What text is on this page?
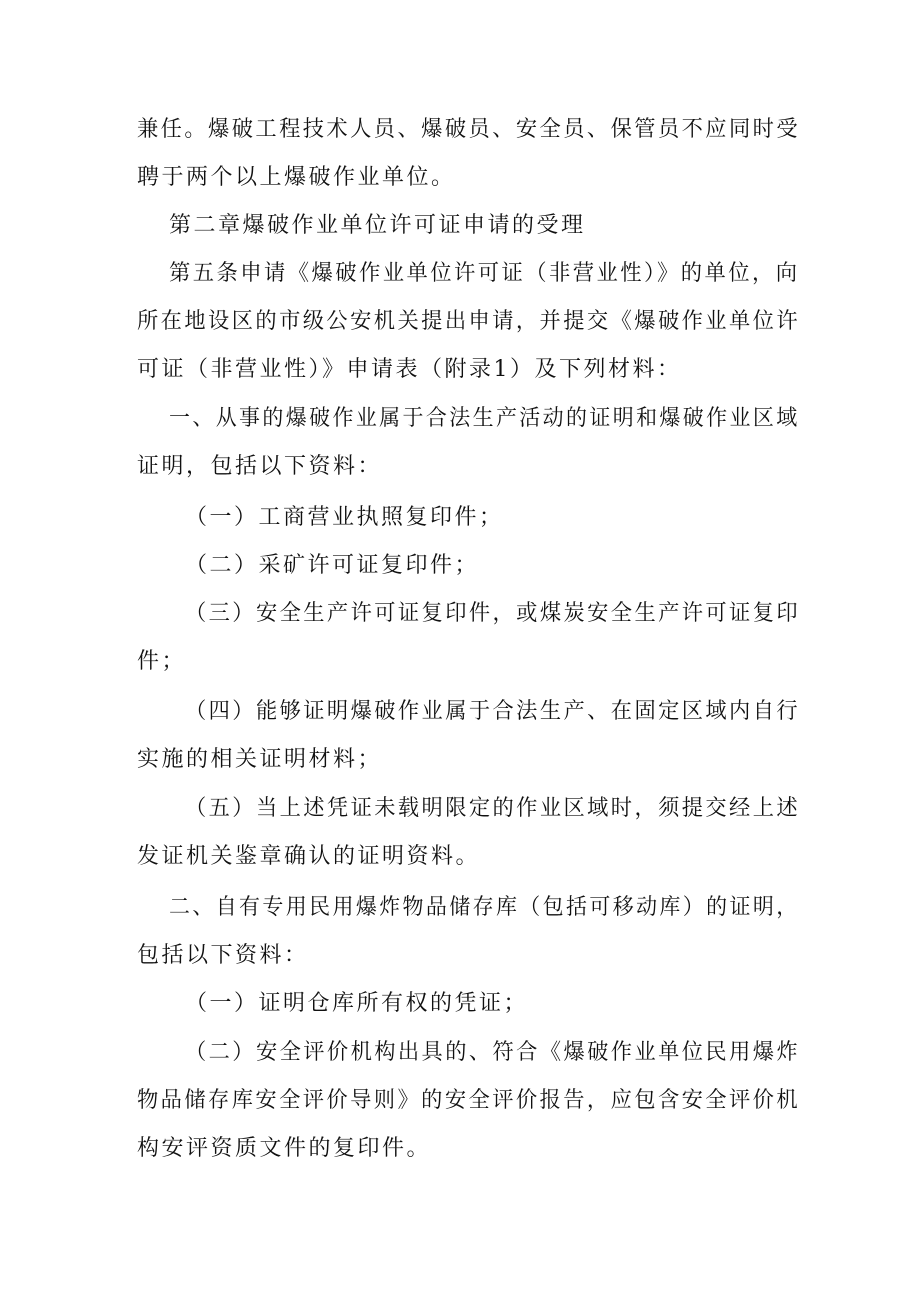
兼任。爆破工程技术人员、爆破员、安全员、保管员不应同时受
聘于两个以上爆破作业单位。
第二章爆破作业单位许可证申请的受理
第五条申请《爆破作业单位许可证（非营业性）》的单位，向
所在地设区的市级公安机关提出申请，并提交《爆破作业单位许
可证（非营业性）》申请表（附录1）及下列材料：
一、从事的爆破作业属于合法生产活动的证明和爆破作业区域
证明，包括以下资料：
（一）工商营业执照复印件；
（二）采矿许可证复印件；
（三）安全生产许可证复印件，或煤炭安全生产许可证复印
件；
（四）能够证明爆破作业属于合法生产、在固定区域内自行
实施的相关证明材料；
（五）当上述凭证未载明限定的作业区域时，须提交经上述
发证机关鉴章确认的证明资料。
二、自有专用民用爆炸物品储存库（包括可移动库）的证明，
包括以下资料：
（一）证明仓库所有权的凭证；
（二）安全评价机构出具的、符合《爆破作业单位民用爆炸
物品储存库安全评价导则》的安全评价报告，应包含安全评价机
构安评资质文件的复印件。
